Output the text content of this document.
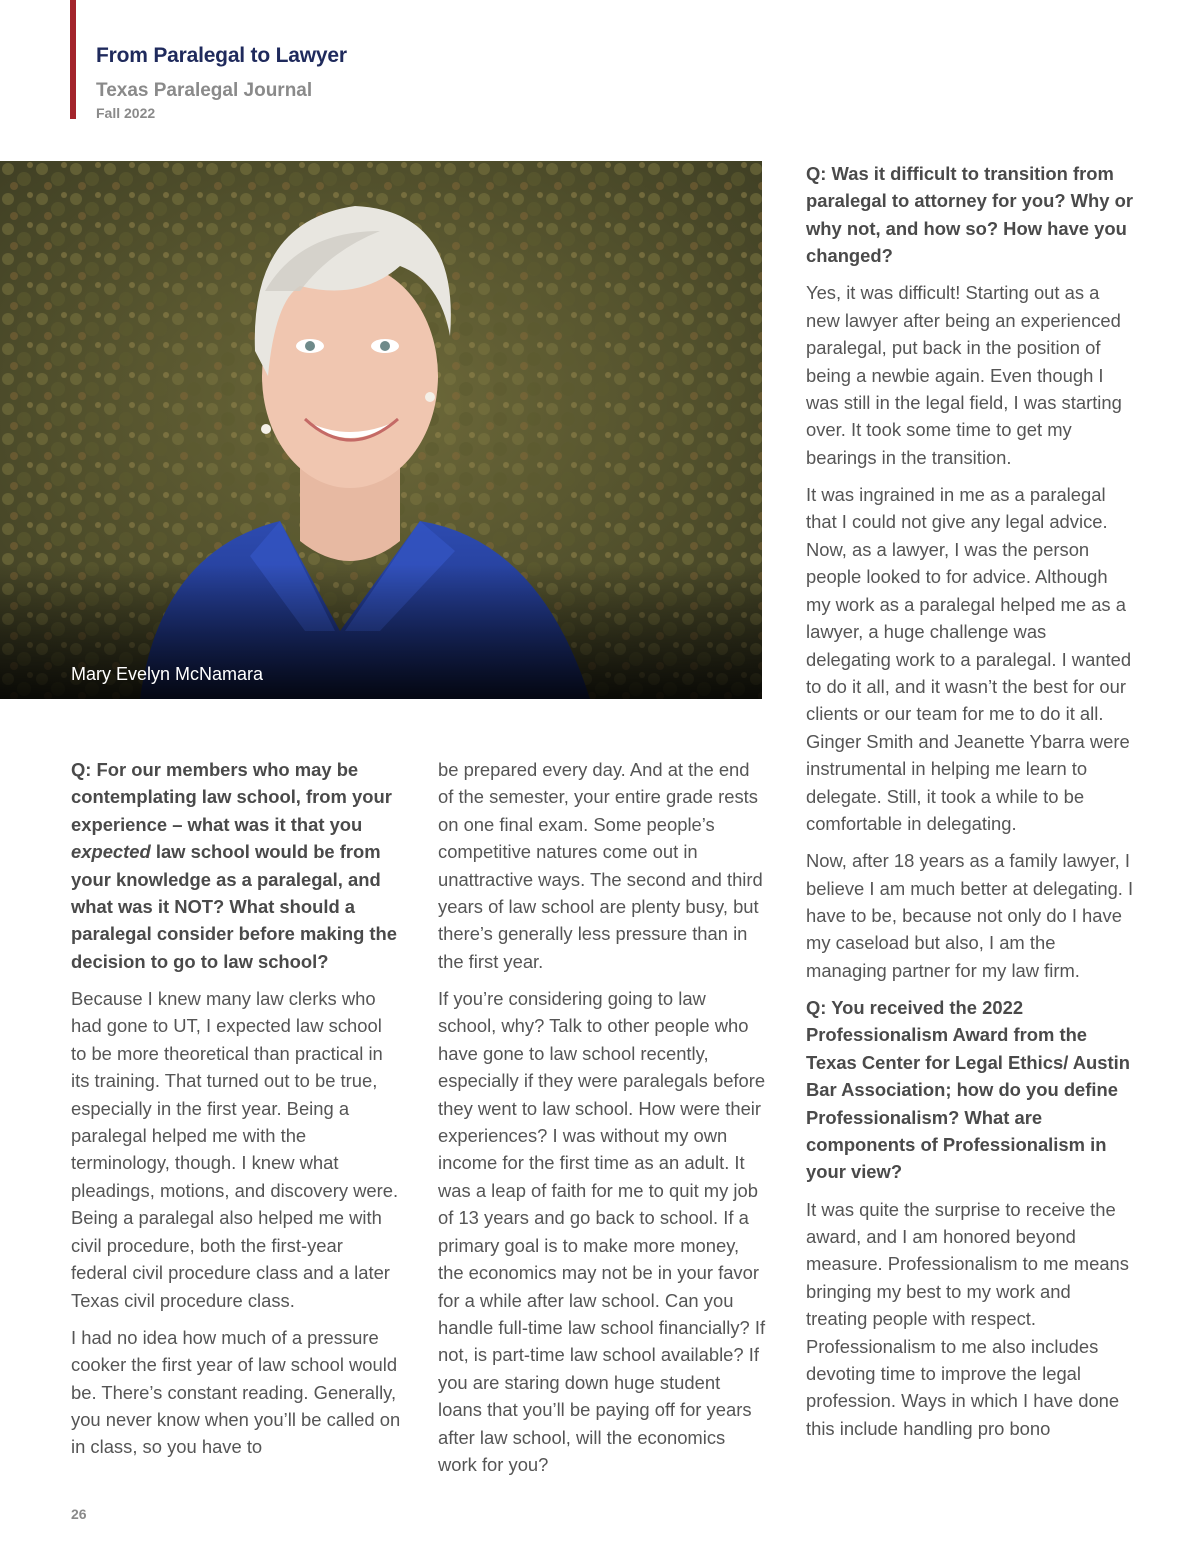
From Paralegal to Lawyer
Texas Paralegal Journal
Fall 2022
Mary Evelyn McNamara

Q: For our members who may be contemplating law school, from your experience – what was it that you expected law school would be from your knowledge as a paralegal, and what was it NOT? What should a paralegal consider before making the decision to go to law school?

Because I knew many law clerks who had gone to UT, I expected law school to be more theoretical than practical in its training. That turned out to be true, especially in the first year. Being a paralegal helped me with the terminology, though. I knew what pleadings, motions, and discovery were. Being a paralegal also helped me with civil procedure, both the first-year federal civil procedure class and a later Texas civil procedure class.

I had no idea how much of a pressure cooker the first year of law school would be. There’s constant reading. Generally, you never know when you’ll be called on in class, so you have to

be prepared every day. And at the end of the semester, your entire grade rests on one final exam. Some people’s competitive natures come out in unattractive ways. The second and third years of law school are plenty busy, but there’s generally less pressure than in the first year.

If you’re considering going to law school, why? Talk to other people who have gone to law school recently, especially if they were paralegals before they went to law school. How were their experiences? I was without my own income for the first time as an adult. It was a leap of faith for me to quit my job of 13 years and go back to school. If a primary goal is to make more money, the economics may not be in your favor for a while after law school. Can you handle full-time law school financially? If not, is part-time law school available? If you are staring down huge student loans that you’ll be paying off for years after law school, will the economics work for you?

Q: Was it difficult to transition from paralegal to attorney for you? Why or why not, and how so? How have you changed?

Yes, it was difficult! Starting out as a new lawyer after being an experienced paralegal, put back in the position of being a newbie again. Even though I was still in the legal field, I was starting over. It took some time to get my bearings in the transition.

It was ingrained in me as a paralegal that I could not give any legal advice. Now, as a lawyer, I was the person people looked to for advice. Although my work as a paralegal helped me as a lawyer, a huge challenge was delegating work to a paralegal. I wanted to do it all, and it wasn’t the best for our clients or our team for me to do it all. Ginger Smith and Jeanette Ybarra were instrumental in helping me learn to delegate. Still, it took a while to be comfortable in delegating.

Now, after 18 years as a family lawyer, I believe I am much better at delegating. I have to be, because not only do I have my caseload but also, I am the managing partner for my law firm.

Q: You received the 2022 Professionalism Award from the Texas Center for Legal Ethics/ Austin Bar Association; how do you define Professionalism? What are components of Professionalism in your view?

It was quite the surprise to receive the award, and I am honored beyond measure. Professionalism to me means bringing my best to my work and treating people with respect. Professionalism to me also includes devoting time to improve the legal profession. Ways in which I have done this include handling pro bono

26
